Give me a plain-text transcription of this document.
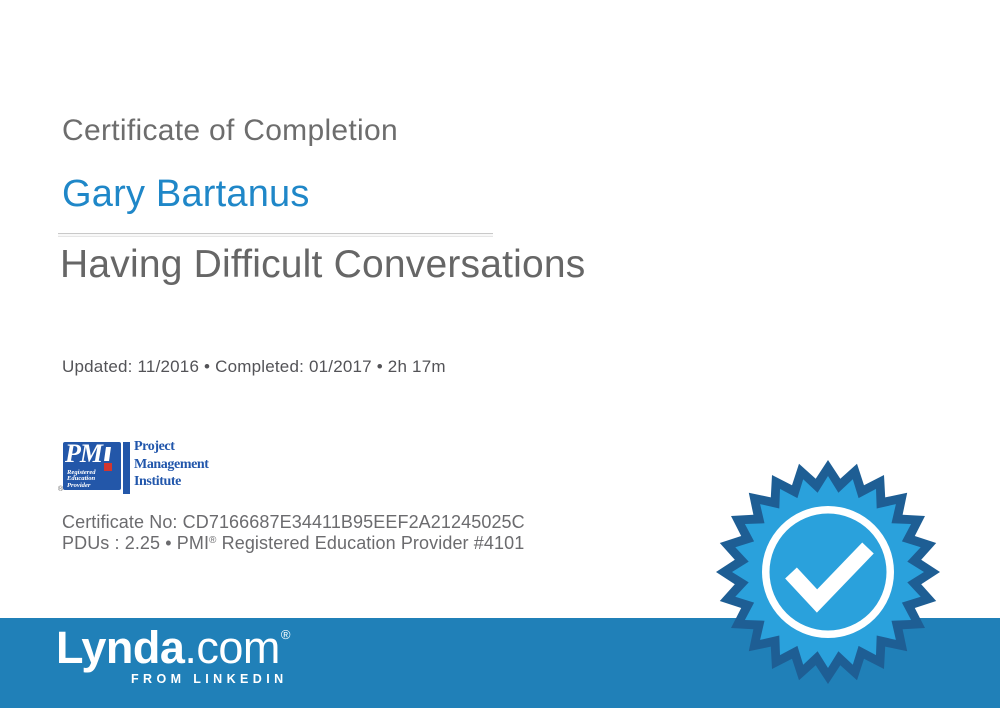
Certificate of Completion
Gary Bartanus
Having Difficult Conversations
Updated: 11/2016 • Completed: 01/2017 • 2h 17m
PM
Registered
Education
Provider
®
Project
Management
Institute
Certificate No: CD7166687E34411B95EEF2A21245025C
PDUs : 2.25 • PMI® Registered Education Provider #4101
Lynda.com®
FROM LINKEDIN
